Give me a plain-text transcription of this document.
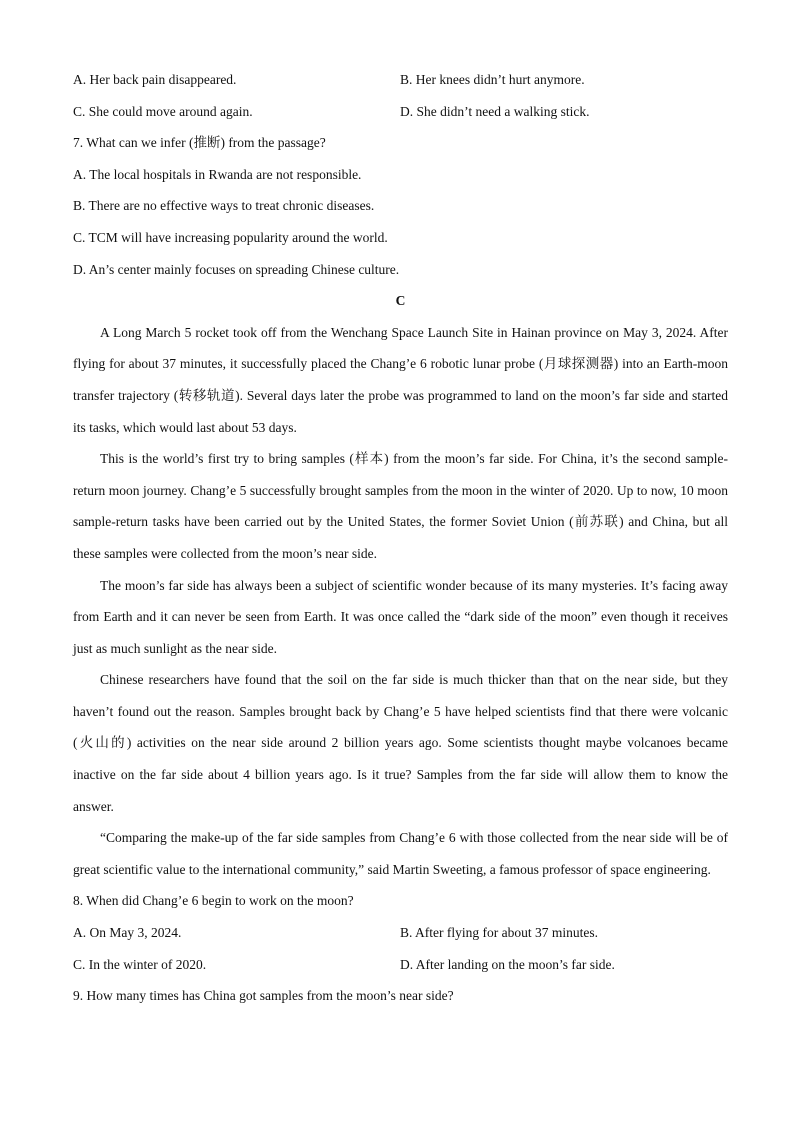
A. Her back pain disappeared.	B. Her knees didn’t hurt anymore.
C. She could move around again.	D. She didn’t need a walking stick.
7. What can we infer (推断) from the passage?
A. The local hospitals in Rwanda are not responsible.
B. There are no effective ways to treat chronic diseases.
C. TCM will have increasing popularity around the world.
D. An’s center mainly focuses on spreading Chinese culture.
C

A Long March 5 rocket took off from the Wenchang Space Launch Site in Hainan province on May 3, 2024. After flying for about 37 minutes, it successfully placed the Chang’e 6 robotic lunar probe (月球探测器) into an Earth-moon transfer trajectory (转移轨道). Several days later the probe was programmed to land on the moon’s far side and started its tasks, which would last about 53 days.

This is the world’s first try to bring samples (样本) from the moon’s far side. For China, it’s the second sample-return moon journey. Chang’e 5 successfully brought samples from the moon in the winter of 2020. Up to now, 10 moon sample-return tasks have been carried out by the United States, the former Soviet Union (前苏联) and China, but all these samples were collected from the moon’s near side.

The moon’s far side has always been a subject of scientific wonder because of its many mysteries. It’s facing away from Earth and it can never be seen from Earth. It was once called the “dark side of the moon” even though it receives just as much sunlight as the near side.

Chinese researchers have found that the soil on the far side is much thicker than that on the near side, but they haven’t found out the reason. Samples brought back by Chang’e 5 have helped scientists find that there were volcanic (火山的) activities on the near side around 2 billion years ago. Some scientists thought maybe volcanoes became inactive on the far side about 4 billion years ago. Is it true? Samples from the far side will allow them to know the answer.

“Comparing the make-up of the far side samples from Chang’e 6 with those collected from the near side will be of great scientific value to the international community,” said Martin Sweeting, a famous professor of space engineering.

8. When did Chang’e 6 begin to work on the moon?
A. On May 3, 2024.	B. After flying for about 37 minutes.
C. In the winter of 2020.	D. After landing on the moon’s far side.
9. How many times has China got samples from the moon’s near side?
